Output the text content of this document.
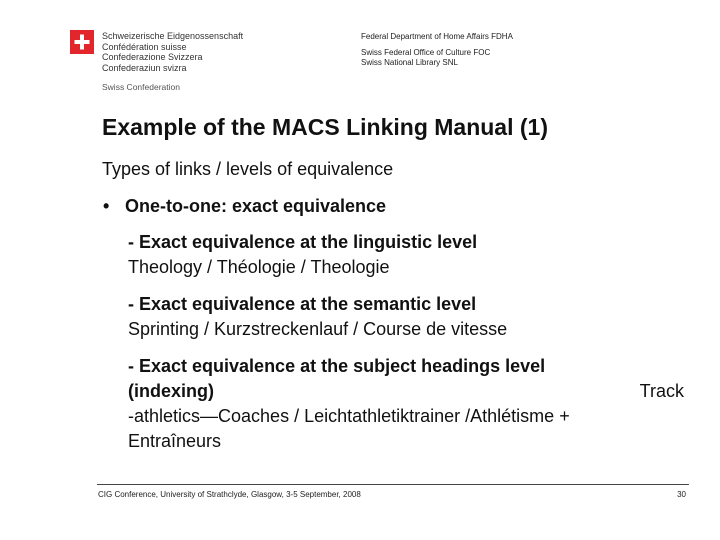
Schweizerische Eidgenossenschaft
Confédération suisse
Confederazione Svizzera
Confederaziun svizra
Swiss Confederation
Federal Department of Home Affairs FDHA
Swiss Federal Office of Culture FOC
Swiss National Library SNL
Example of the MACS Linking Manual (1)
Types of links / levels of equivalence
• One-to-one: exact equivalence
- Exact equivalence at the linguistic level
Theology / Théologie / Theologie
- Exact equivalence at the semantic level
Sprinting / Kurzstreckenlauf / Course de vitesse
- Exact equivalence at the subject headings level
(indexing)	Track
-athletics—Coaches / Leichtathletiktrainer /Athlétisme +
Entraîneurs
CIG Conference, University of Strathclyde, Glasgow, 3-5 September, 2008	30
